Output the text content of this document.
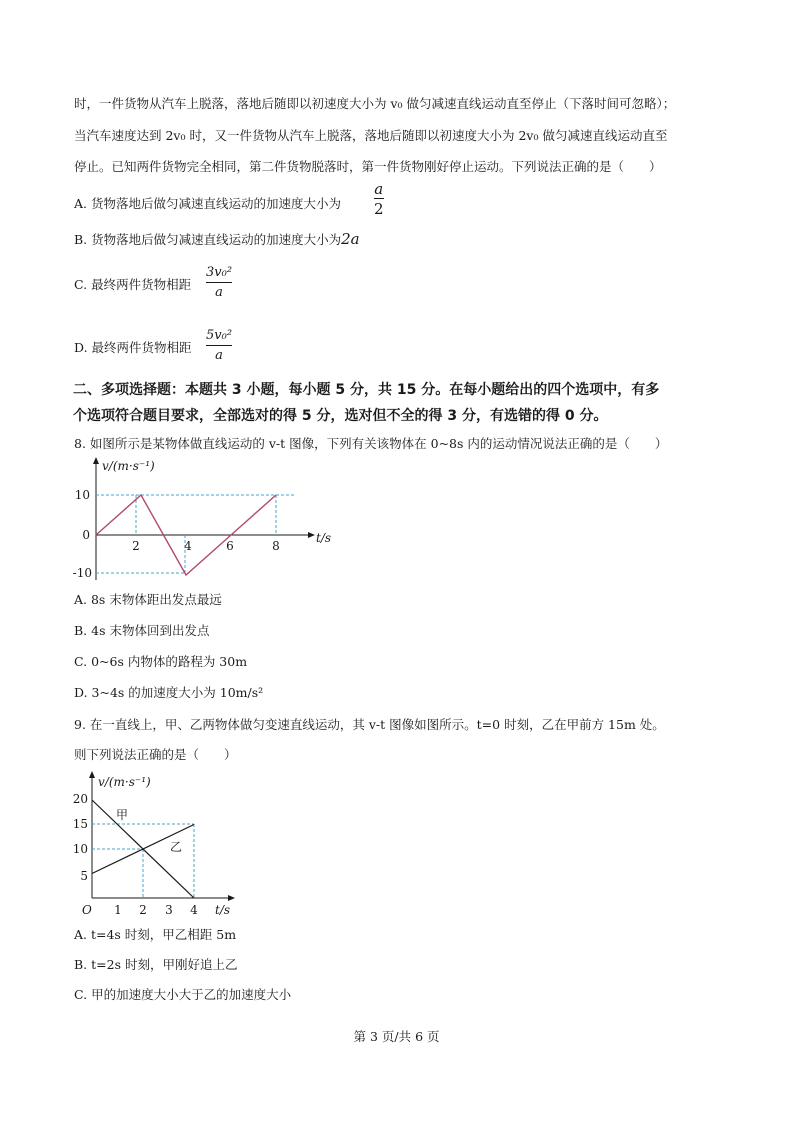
时，一件货物从汽车上脱落，落地后随即以初速度大小为 v₀ 做匀减速直线运动直至停止（下落时间可忽略）；
当汽车速度达到 2v₀ 时，又一件货物从汽车上脱落，落地后随即以初速度大小为 2v₀ 做匀减速直线运动直至
停止。已知两件货物完全相同，第二件货物脱落时，第一件货物刚好停止运动。下列说法正确的是（　　）
A. 货物落地后做匀减速直线运动的加速度大小为
a
2
B. 货物落地后做匀减速直线运动的加速度大小为2a
C. 最终两件货物相距
3v₀²
a
D. 最终两件货物相距
5v₀²
a
二、多项选择题：本题共 3 小题，每小题 5 分，共 15 分。在每小题给出的四个选项中，有多
个选项符合题目要求，全部选对的得 5 分，选对但不全的得 3 分，有选错的得 0 分。
8. 如图所示是某物体做直线运动的 v-t 图像，下列有关该物体在 0~8s 内的运动情况说法正确的是（　　）
10
0
-10
2	4	6	8
v/(m·s⁻¹)
t/s
A. 8s 末物体距出发点最远
B. 4s 末物体回到出发点
C. 0~6s 内物体的路程为 30m
D. 3~4s 的加速度大小为 10m/s²
9. 在一直线上，甲、乙两物体做匀变速直线运动，其 v-t 图像如图所示。t=0 时刻，乙在甲前方 15m 处。
则下列说法正确的是（　　）
甲
乙
20
15
10
5
O 1 2 3 4
v/(m·s⁻¹)
t/s
A. t=4s 时刻，甲乙相距 5m
B. t=2s 时刻，甲刚好追上乙
C. 甲的加速度大小大于乙的加速度大小
第 3 页/共 6 页
